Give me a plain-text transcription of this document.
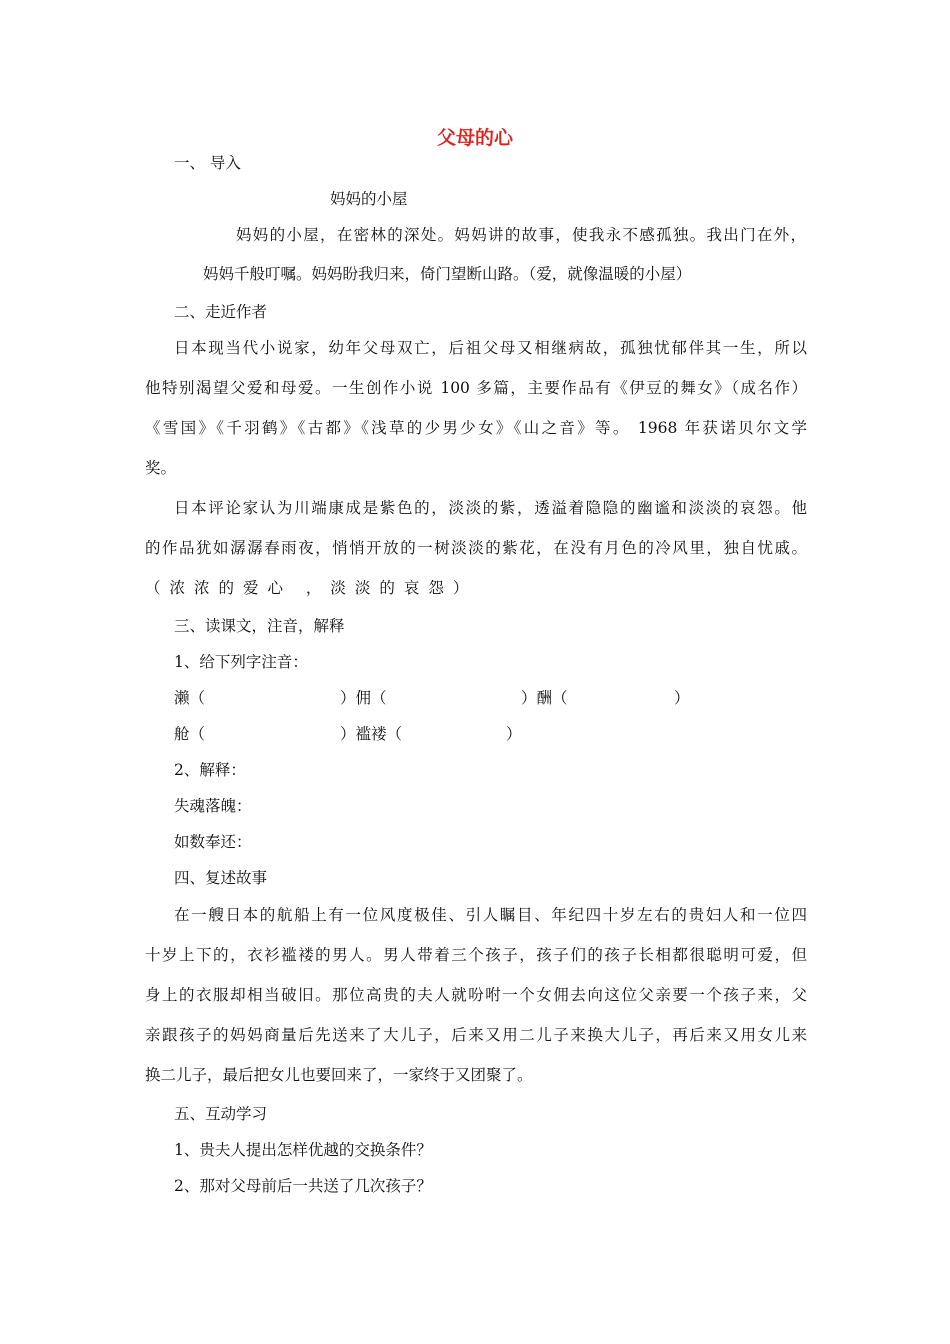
父母的心
一、 导入
妈妈的小屋
妈妈的小屋，在密林的深处。妈妈讲的故事，使我永不感孤独。我出门在外，
妈妈千般叮嘱。妈妈盼我归来，倚门望断山路。（爱，就像温暖的小屋）
二、走近作者
日本现当代小说家，幼年父母双亡，后祖父母又相继病故，孤独忧郁伴其一生，所以
他特别渴望父爱和母爱。一生创作小说 100 多篇，主要作品有《伊豆的舞女》（成名作）
《雪国》《千羽鹤》《古都》《浅草的少男少女》《山之音》等。 1968 年获诺贝尔文学
奖。
日本评论家认为川端康成是紫色的，淡淡的紫，透溢着隐隐的幽谧和淡淡的哀怨。他
的作品犹如潺潺春雨夜，悄悄开放的一树淡淡的紫花，在没有月色的冷风里，独自忧戚。
（浓浓的爱心 ，淡淡的哀怨）
三、读课文，注音，解释
1、给下列字注音：
濑（	）佣（	）酬（	）
舱（	）褴褛（	）
2、解释：
失魂落魄：
如数奉还：
四、复述故事
在一艘日本的航船上有一位风度极佳、引人瞩目、年纪四十岁左右的贵妇人和一位四
十岁上下的，衣衫褴褛的男人。男人带着三个孩子，孩子们的孩子长相都很聪明可爱，但
身上的衣服却相当破旧。那位高贵的夫人就吩咐一个女佣去向这位父亲要一个孩子来，父
亲跟孩子的妈妈商量后先送来了大儿子，后来又用二儿子来换大儿子，再后来又用女儿来
换二儿子，最后把女儿也要回来了，一家终于又团聚了。
五、互动学习
1、贵夫人提出怎样优越的交换条件？
2、那对父母前后一共送了几次孩子？
